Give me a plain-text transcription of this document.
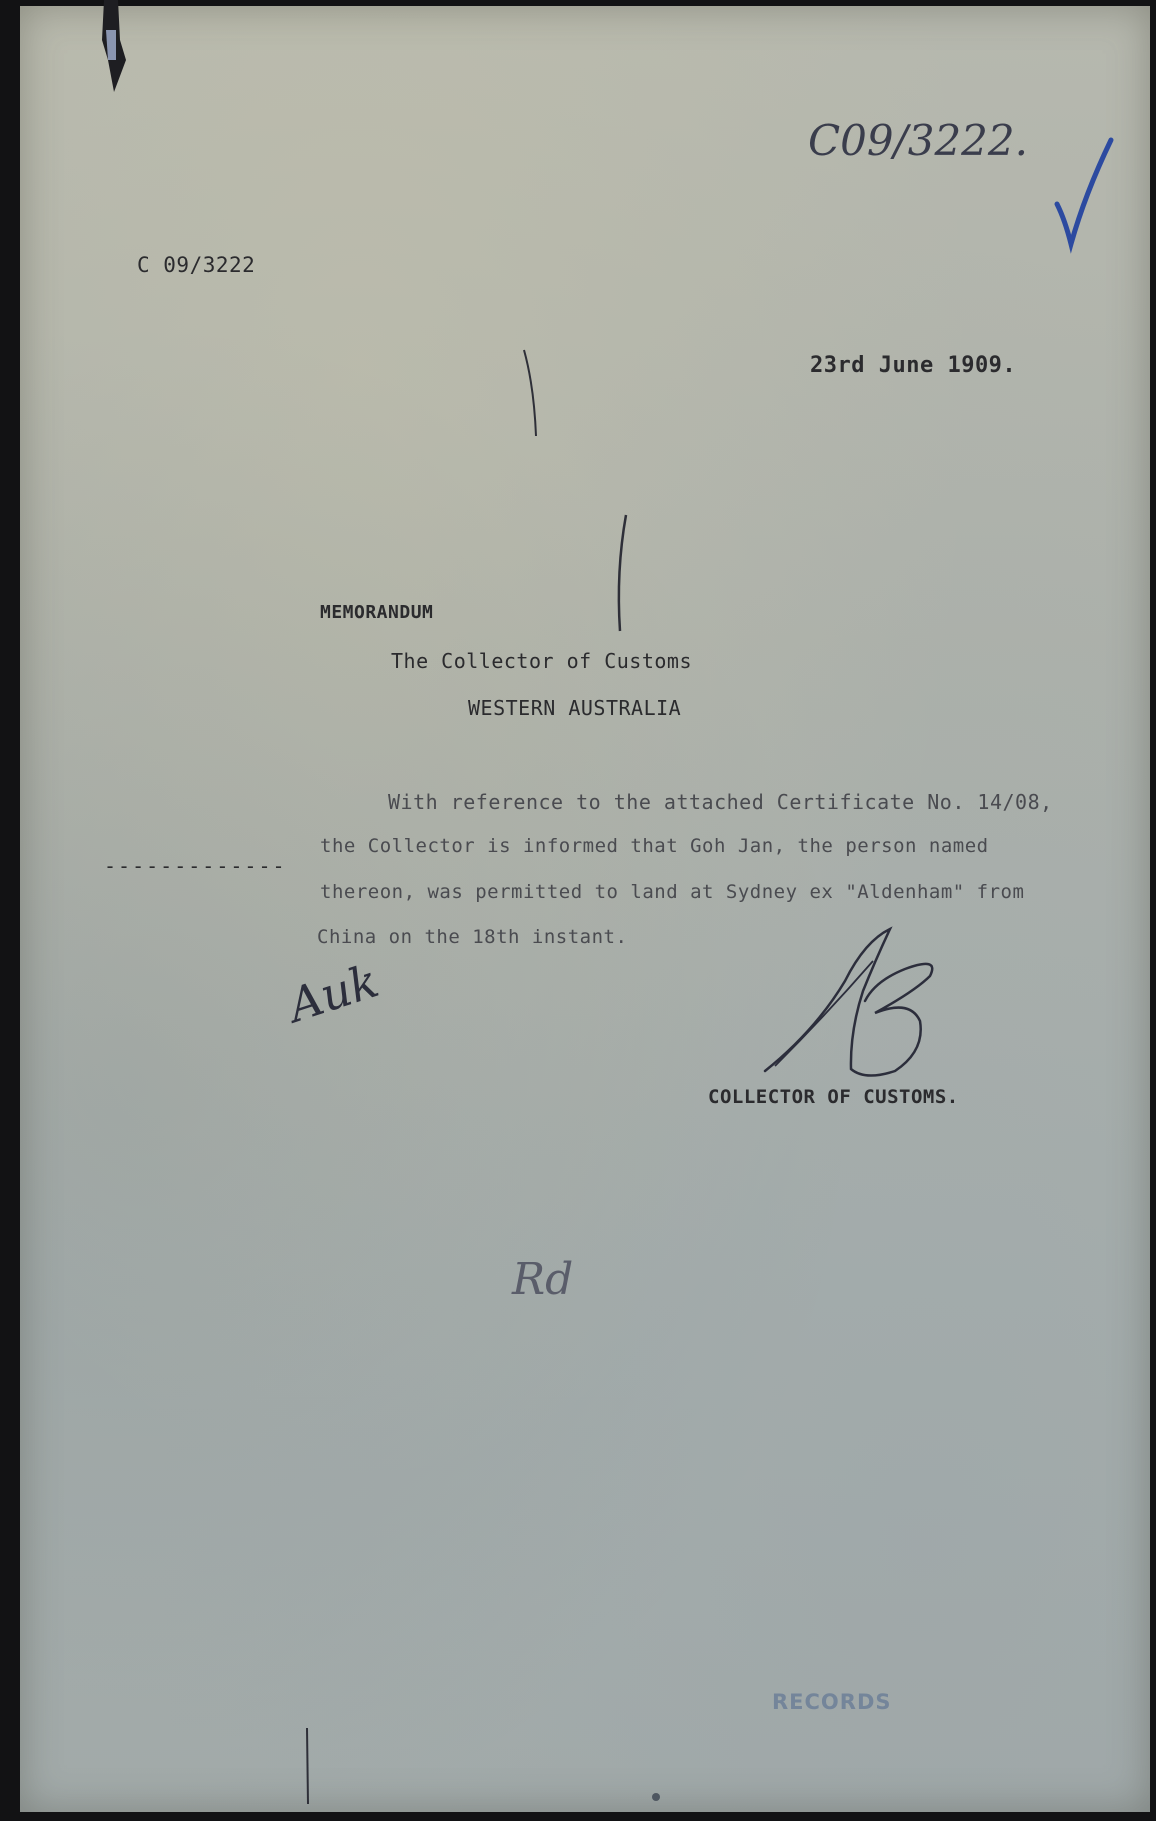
C09/3222.
C 09/3222
23rd June 1909.
MEMORANDUM
The Collector of Customs
WESTERN AUSTRALIA
With reference to the attached Certificate No. 14/08,
the Collector is informed that Goh Jan, the person named
thereon, was permitted to land at Sydney ex "Aldenham" from
China on the 18th instant.
-------------
Auk
COLLECTOR OF CUSTOMS.
Rd
RECORDS
